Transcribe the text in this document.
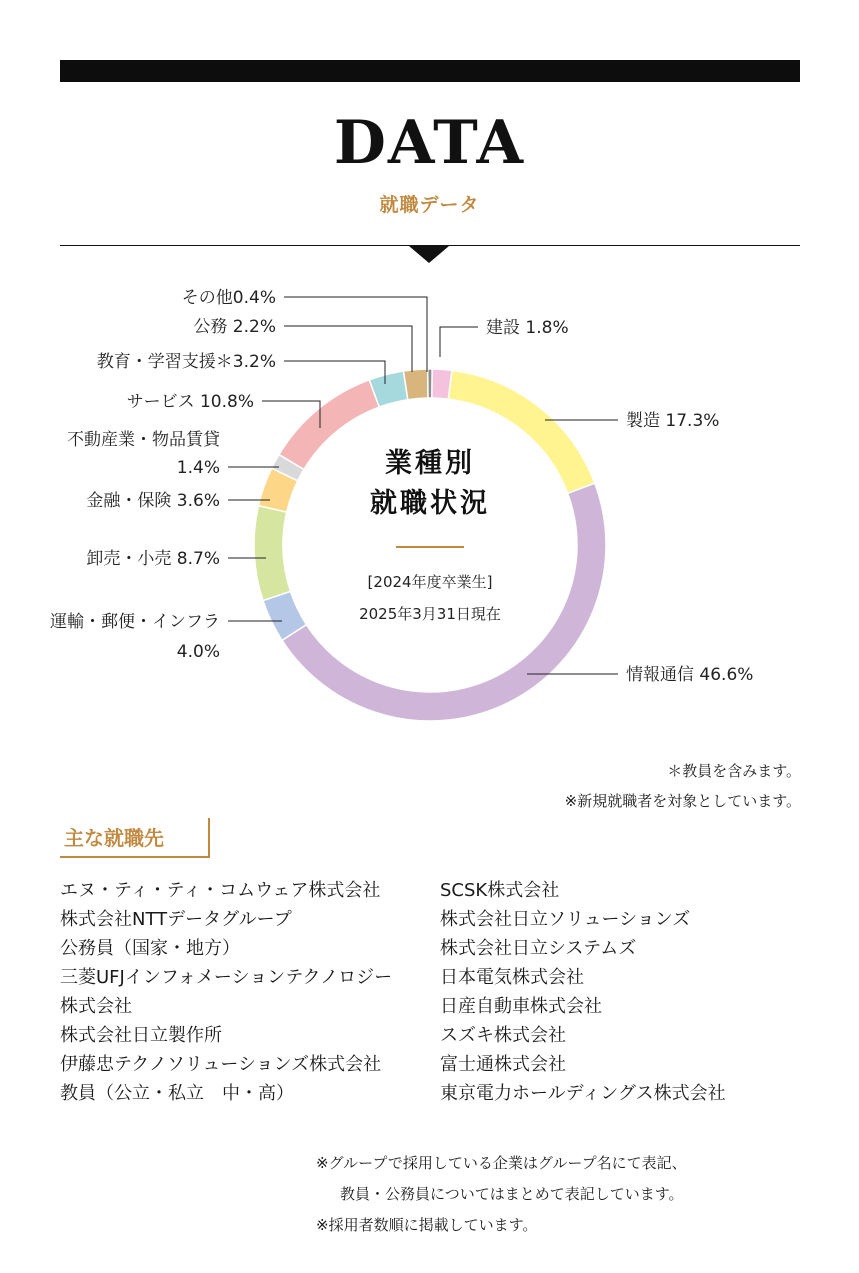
DATA
就職データ
建設 1.8%
製造 17.3%
情報通信 46.6%
運輸・郵便・インフラ
4.0%
卸売・小売 8.7%
金融・保険 3.6%
不動産業・物品賃貸
1.4%
サービス 10.8%
教育・学習支援＊3.2%
公務 2.2%
その他0.4%
業種別
就職状況
[2024年度卒業生]
2025年3月31日現在
＊教員を含みます。
※新規就職者を対象としています。
主な就職先
エヌ・ティ・ティ・コムウェア株式会社
株式会社NTTデータグループ
公務員（国家・地方）
三菱UFJインフォメーションテクノロジー
株式会社
株式会社日立製作所
伊藤忠テクノソリューションズ株式会社
教員（公立・私立　中・高）
SCSK株式会社
株式会社日立ソリューションズ
株式会社日立システムズ
日本電気株式会社
日産自動車株式会社
スズキ株式会社
富士通株式会社
東京電力ホールディングス株式会社
※グループで採用している企業はグループ名にて表記、
教員・公務員についてはまとめて表記しています。
※採用者数順に掲載しています。
